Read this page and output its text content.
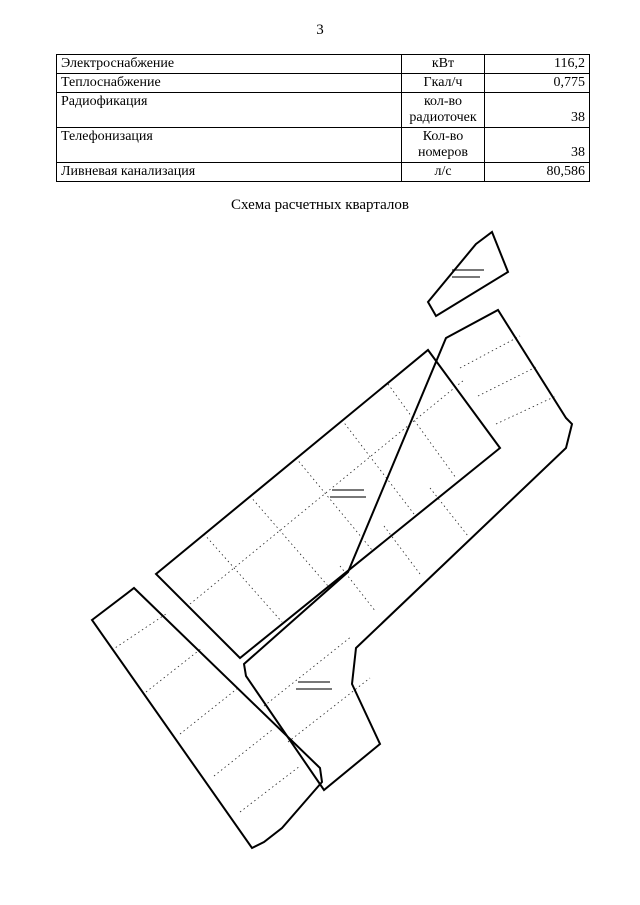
3
Электроснабжение	кВт	116,2
Теплоснабжение	Гкал/ч	0,775
Радиофикация	кол-во радиоточек	38
Телефонизация	Кол-во номеров	38
Ливневая канализация	л/с	80,586
Схема расчетных кварталов
